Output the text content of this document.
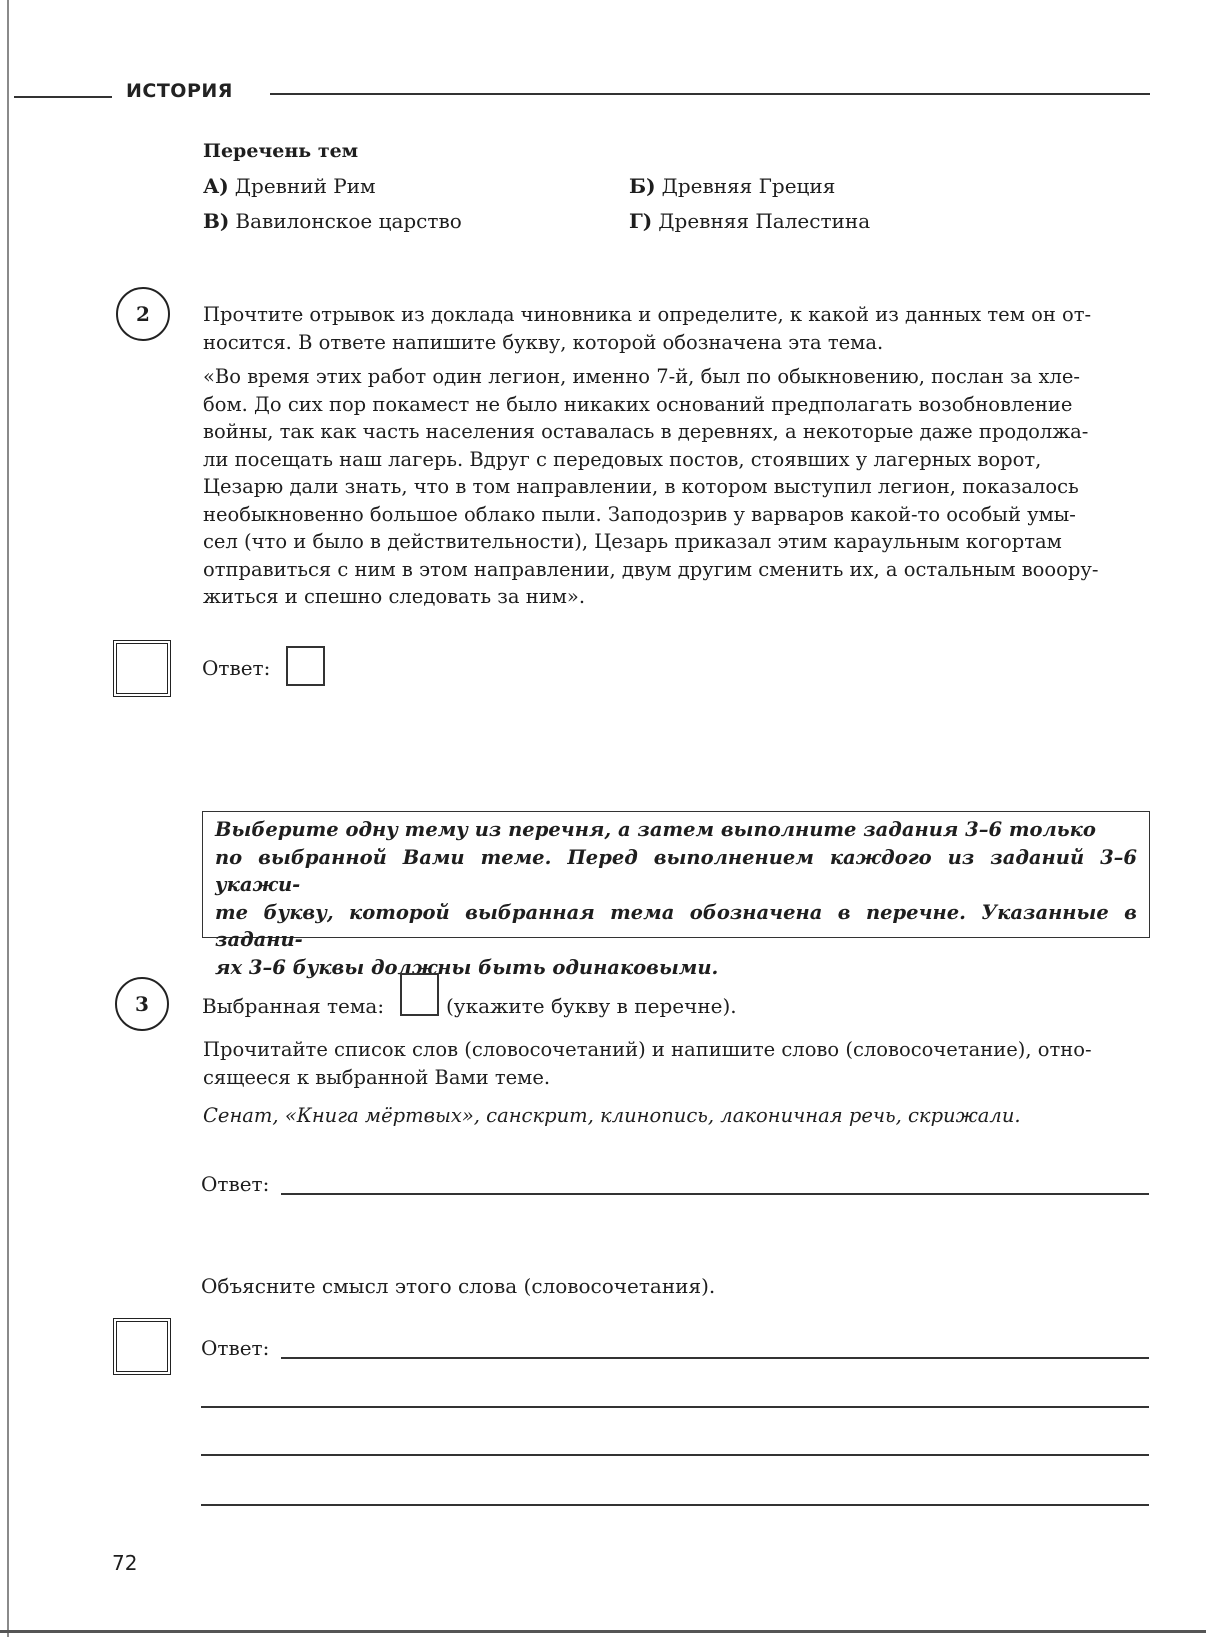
ИСТОРИЯ
Перечень тем
А) Древний Рим	Б) Древняя Греция
В) Вавилонское царство	Г) Древняя Палестина
2	Прочтите отрывок из доклада чиновника и определите, к какой из данных тем он от-
носится. В ответе напишите букву, которой обозначена эта тема.
«Во время этих работ один легион, именно 7-й, был по обыкновению, послан за хле-
бом. До сих пор покамест не было никаких оснований предполагать возобновление
войны, так как часть населения оставалась в деревнях, а некоторые даже продолжа-
ли посещать наш лагерь. Вдруг с передовых постов, стоявших у лагерных ворот,
Цезарю дали знать, что в том направлении, в котором выступил легион, показалось
необыкновенно большое облако пыли. Заподозрив у варваров какой-то особый умы-
сел (что и было в действительности), Цезарь приказал этим караульным когортам
отправиться с ним в этом направлении, двум другим сменить их, а остальным вооору-
житься и спешно следовать за ним».
Ответ:
Выберите одну тему из перечня, а затем выполните задания 3–6 только
по выбранной Вами теме. Перед выполнением каждого из заданий 3–6 укажи-
те букву, которой выбранная тема обозначена в перечне. Указанные в задани-
ях 3–6 буквы должны быть одинаковыми.
3	Выбранная тема:	(укажите букву в перечне).
Прочитайте список слов (словосочетаний) и напишите слово (словосочетание), отно-
сящееся к выбранной Вами теме.
Сенат, «Книга мёртвых», санскрит, клинопись, лаконичная речь, скрижали.
Ответ:
Объясните смысл этого слова (словосочетания).
Ответ:
72
